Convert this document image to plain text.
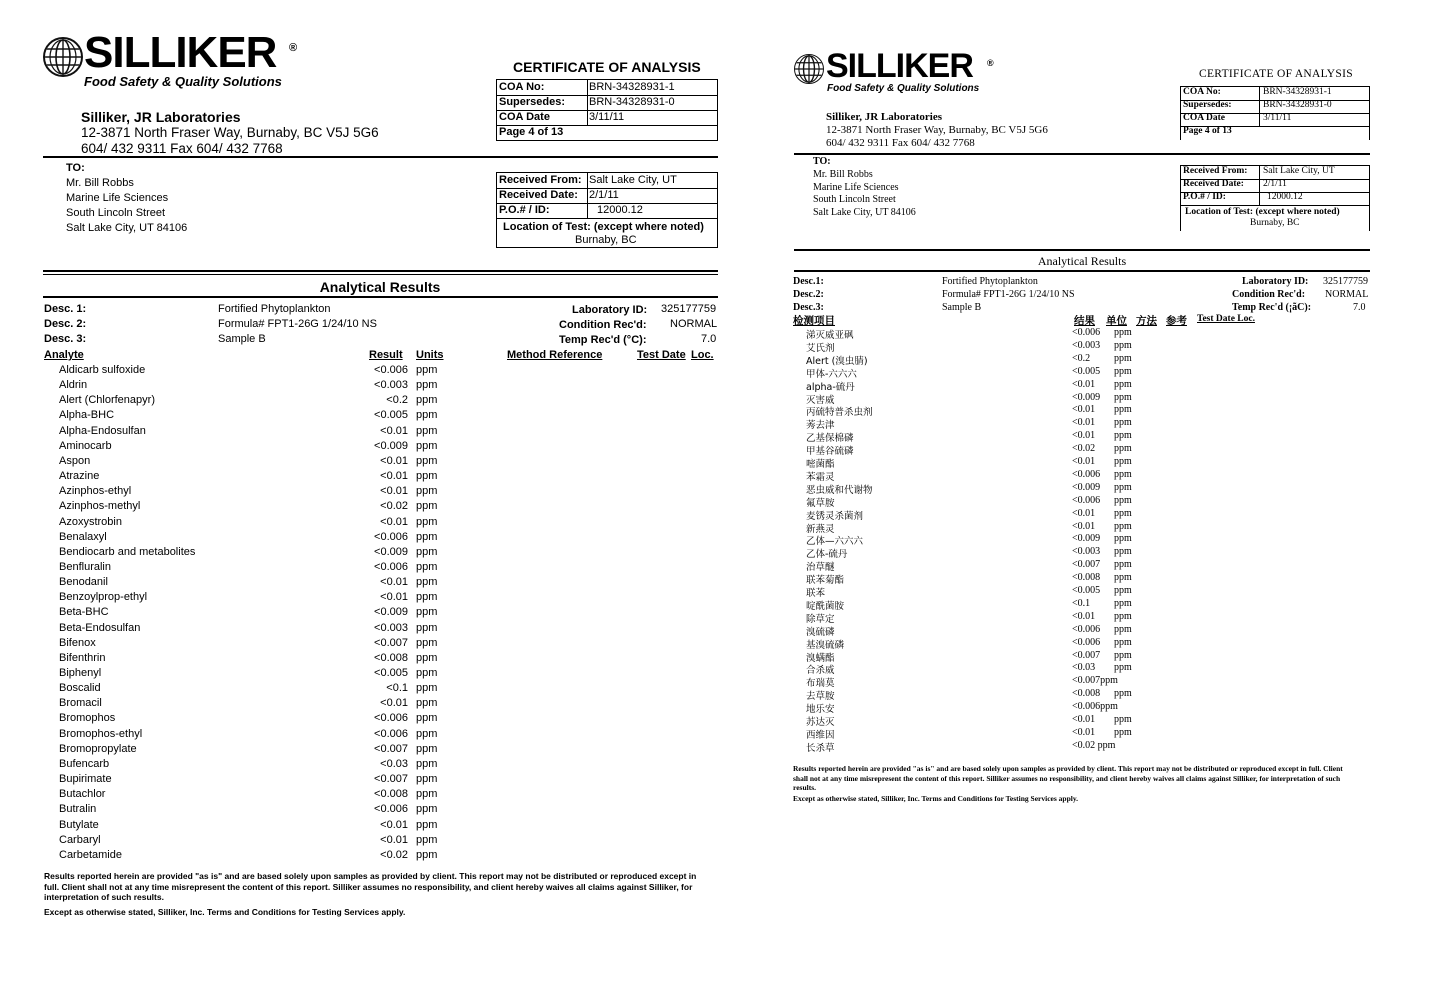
SILLIKER ®
Food Safety & Quality Solutions
Silliker, JR Laboratories
12-3871 North Fraser Way, Burnaby, BC V5J 5G6
604/ 432 9311 Fax 604/ 432 7768
CERTIFICATE OF ANALYSIS
COA No:	BRN-34328931-1
Supersedes: BRN-34328931-0
COA Date	3/11/11
Page 4 of 13
TO:
Mr. Bill Robbs
Marine Life Sciences
South Lincoln Street
Salt Lake City, UT 84106
Received From: Salt Lake City, UT
Received Date: 2/1/11
P.O.# / ID:	12000.12
Location of Test: (except where noted)
Burnaby, BC
Analytical Results
Desc. 1:	Fortified Phytoplankton
Desc. 2:	Formula# FPT1-26G 1/24/10 NS
Desc. 3:	Sample B
Laboratory ID: 325177759
Condition Rec'd: NORMAL
Temp Rec'd (°C):	7.0
Analyte	Result Units	Method Reference	Test Date Loc.
Aldicarb sulfoxide	<0.006 ppm
Aldrin	<0.003 ppm
Alert (Chlorfenapyr)	<0.2 ppm
Alpha-BHC	<0.005 ppm
Alpha-Endosulfan	<0.01 ppm
Aminocarb	<0.009 ppm
Aspon	<0.01 ppm
Atrazine	<0.01 ppm
Azinphos-ethyl	<0.01 ppm
Azinphos-methyl	<0.02 ppm
Azoxystrobin	<0.01 ppm
Benalaxyl	<0.006 ppm
Bendiocarb and metabolites	<0.009 ppm
Benfluralin	<0.006 ppm
Benodanil	<0.01 ppm
Benzoylprop-ethyl	<0.01 ppm
Beta-BHC	<0.009 ppm
Beta-Endosulfan	<0.003 ppm
Bifenox	<0.007 ppm
Bifenthrin	<0.008 ppm
Biphenyl	<0.005 ppm
Boscalid	<0.1 ppm
Bromacil	<0.01 ppm
Bromophos	<0.006 ppm
Bromophos-ethyl	<0.006 ppm
Bromopropylate	<0.007 ppm
Bufencarb	<0.03 ppm
Bupirimate	<0.007 ppm
Butachlor	<0.008 ppm
Butralin	<0.006 ppm
Butylate	<0.01 ppm
Carbaryl	<0.01 ppm
Carbetamide	<0.02 ppm
Results reported herein are provided "as is" and are based solely upon samples as provided by client. This report may not be distributed or reproduced except in full. Client shall not at any time misrepresent the content of this report. Silliker assumes no responsibility, and client hereby waives all claims against Silliker, for interpretation of such results.
Except as otherwise stated, Silliker, Inc. Terms and Conditions for Testing Services apply.
SILLIKER ®
Food Safety & Quality Solutions
Silliker, JR Laboratories
12-3871 North Fraser Way, Burnaby, BC V5J 5G6
604/ 432 9311 Fax 604/ 432 7768
CERTIFICATE OF ANALYSIS
COA No:	BRN-34328931-1
Supersedes:	BRN-34328931-0
COA Date	3/11/11
Page 4 of 13
TO:
Mr. Bill Robbs
Marine Life Sciences
South Lincoln Street
Salt Lake City, UT 84106
Received From: Salt Lake City, UT
Received Date: 2/1/11
P.O.# / ID:	12000.12
Location of Test: (except where noted)
Burnaby, BC
Analytical Results
Desc.1:	Fortified Phytoplankton
Desc.2:	Formula# FPT1-26G 1/24/10 NS
Desc.3:	Sample B
Laboratory ID: 325177759
Condition Rec'd: NORMAL
Temp Rec'd (¡ãC):	7.0
检测项目	结果 单位 方法 参考 Test Date Loc.
涕灭威亚砜	<0.006 ppm
艾氏剂	<0.003 ppm
Alert (溴虫腈)	<0.2 ppm
甲体-六六六	<0.005 ppm
alpha-硫丹	<0.01 ppm
灭害威	<0.009 ppm
丙硫特普杀虫剂	<0.01 ppm
莠去津	<0.01 ppm
乙基保棉磷	<0.01 ppm
甲基谷硫磷	<0.02 ppm
嘧菌酯	<0.01 ppm
苯霜灵	<0.006 ppm
恶虫威和代谢物	<0.009 ppm
氟草胺	<0.006 ppm
麦锈灵杀菌剂	<0.01 ppm
新燕灵	<0.01 ppm
乙体—六六六	<0.009 ppm
乙体-硫丹	<0.003 ppm
治草醚	<0.007 ppm
联苯菊酯	<0.008 ppm
联苯	<0.005 ppm
啶酰菌胺	<0.1 ppm
除草定	<0.01 ppm
溴硫磷	<0.006 ppm
基溴硫磷	<0.006 ppm
溴螨酯	<0.007 ppm
合杀威	<0.03 ppm
布瑞莫	<0.007ppm
去草胺	<0.008 ppm
地乐安	<0.006ppm
苏达灭	<0.01 ppm
西维因	<0.01 ppm
长杀草	<0.02 ppm
Results reported herein are provided "as is" and are based solely upon samples as provided by client. This report may not be distributed or reproduced except in full. Client shall not at any time misrepresent the content of this report. Silliker assumes no responsibility, and client hereby waives all claims against Silliker, for interpretation of such results.
Except as otherwise stated, Silliker, Inc. Terms and Conditions for Testing Services apply.
